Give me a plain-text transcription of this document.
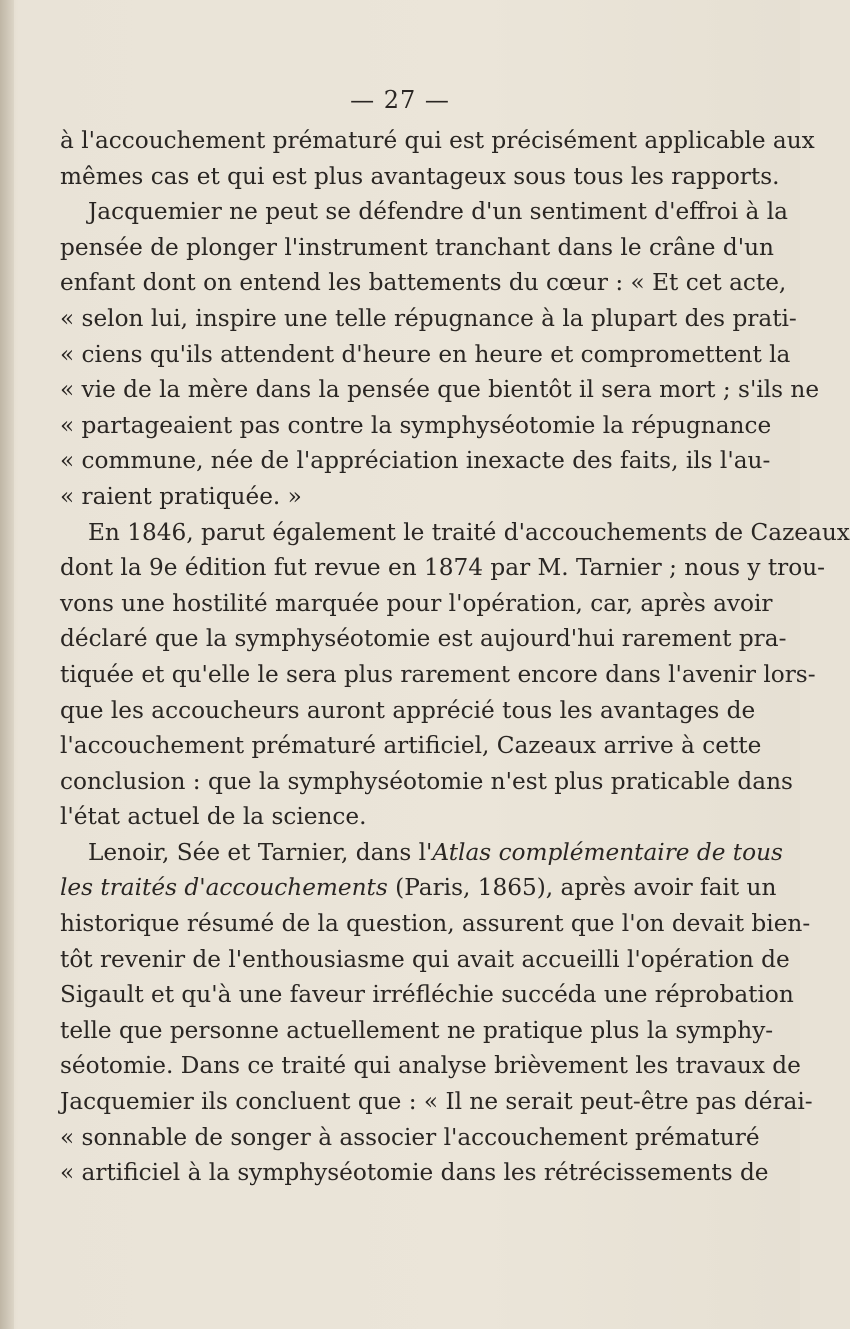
— 27 —
à l'accouchement prématuré qui est précisément applicable aux
mêmes cas et qui est plus avantageux sous tous les rapports.
Jacquemier ne peut se défendre d'un sentiment d'effroi à la
pensée de plonger l'instrument tranchant dans le crâne d'un
enfant dont on entend les battements du cœur : « Et cet acte,
« selon lui, inspire une telle répugnance à la plupart des prati-
« ciens qu'ils attendent d'heure en heure et compromettent la
« vie de la mère dans la pensée que bientôt il sera mort ; s'ils ne
« partageaient pas contre la symphyséotomie la répugnance
« commune, née de l'appréciation inexacte des faits, ils l'au-
« raient pratiquée. »
En 1846, parut également le traité d'accouchements de Cazeaux
dont la 9e édition fut revue en 1874 par M. Tarnier ; nous y trou-
vons une hostilité marquée pour l'opération, car, après avoir
déclaré que la symphyséotomie est aujourd'hui rarement pra-
tiquée et qu'elle le sera plus rarement encore dans l'avenir lors-
que les accoucheurs auront apprécié tous les avantages de
l'accouchement prématuré artificiel, Cazeaux arrive à cette
conclusion : que la symphyséotomie n'est plus praticable dans
l'état actuel de la science.
Lenoir, Sée et Tarnier, dans l'Atlas complémentaire de tous
les traités d'accouchements (Paris, 1865), après avoir fait un
historique résumé de la question, assurent que l'on devait bien-
tôt revenir de l'enthousiasme qui avait accueilli l'opération de
Sigault et qu'à une faveur irréfléchie succéda une réprobation
telle que personne actuellement ne pratique plus la symphy-
séotomie. Dans ce traité qui analyse brièvement les travaux de
Jacquemier ils concluent que : « Il ne serait peut-être pas dérai-
« sonnable de songer à associer l'accouchement prématuré
« artificiel à la symphyséotomie dans les rétrécissements de
